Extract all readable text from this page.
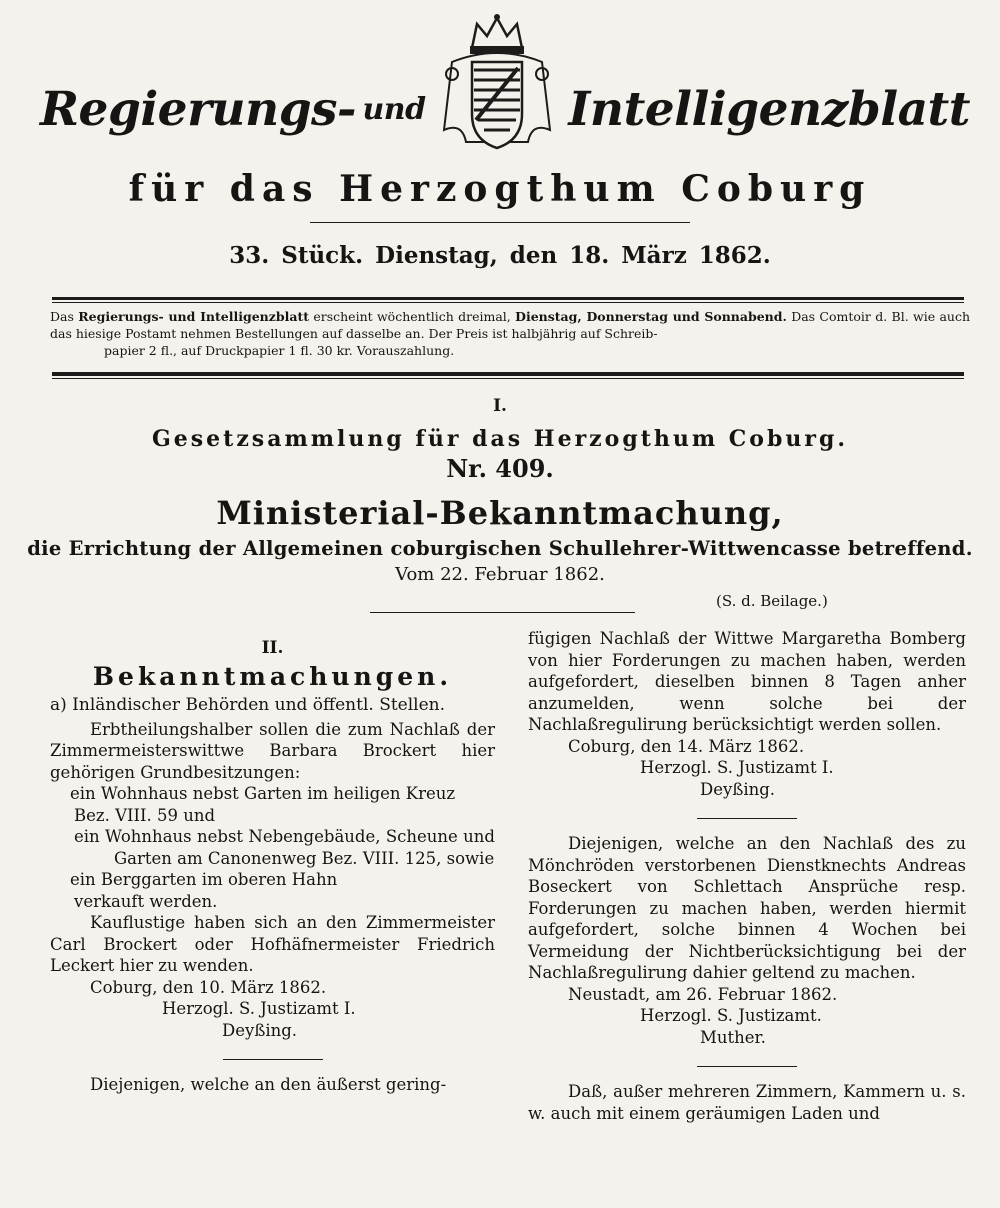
Regierungs- und	Intelligenzblatt
für das Herzogthum Coburg
33. Stück. Dienstag, den 18. März 1862.
Das Regierungs- und Intelligenzblatt erscheint wöchentlich dreimal, Dienstag, Donnerstag und Sonnabend. Das Comtoir d. Bl. wie auch das hiesige Postamt nehmen Bestellungen auf dasselbe an. Der Preis ist halbjährig auf Schreib-
papier 2 fl., auf Druckpapier 1 fl. 30 kr. Vorauszahlung.
I.
Gesetzsammlung für das Herzogthum Coburg.
Nr. 409.
Ministerial-Bekanntmachung,
die Errichtung der Allgemeinen coburgischen Schullehrer-Wittwencasse betreffend.
Vom 22. Februar 1862.
(S. d. Beilage.)
II.
Bekanntmachungen.
a) Inländischer Behörden und öffentl. Stellen.

Erbtheilungshalber sollen die zum Nachlaß der Zimmermeisterswittwe Barbara Brockert hier gehörigen Grundbesitzungen:

ein Wohnhaus nebst Garten im heiligen Kreuz

Bez. VIII. 59 und

ein Wohnhaus nebst Nebengebäude, Scheune und Garten am Canonenweg Bez. VIII. 125, sowie

ein Berggarten im oberen Hahn

verkauft werden.

Kauflustige haben sich an den Zimmermeister Carl Brockert oder Hofhäfnermeister Friedrich Leckert hier zu wenden.

Coburg, den 10. März 1862.

Herzogl. S. Justizamt I.

Deyßing.

Diejenigen, welche an den äußerst gering-

fügigen Nachlaß der Wittwe Margaretha Bomberg von hier Forderungen zu machen haben, werden aufgefordert, dieselben binnen 8 Tagen anher anzumelden, wenn solche bei der Nachlaßregulirung berücksichtigt werden sollen.

Coburg, den 14. März 1862.

Herzogl. S. Justizamt I.

Deyßing.

Diejenigen, welche an den Nachlaß des zu Mönchröden verstorbenen Dienstknechts Andreas Boseckert von Schlettach Ansprüche resp. Forderungen zu machen haben, werden hiermit aufgefordert, solche binnen 4 Wochen bei Vermeidung der Nichtberücksichtigung bei der Nachlaßregulirung dahier geltend zu machen.

Neustadt, am 26. Februar 1862.

Herzogl. S. Justizamt.

Muther.

Daß, außer mehreren Zimmern, Kammern u. s. w. auch mit einem geräumigen Laden und
